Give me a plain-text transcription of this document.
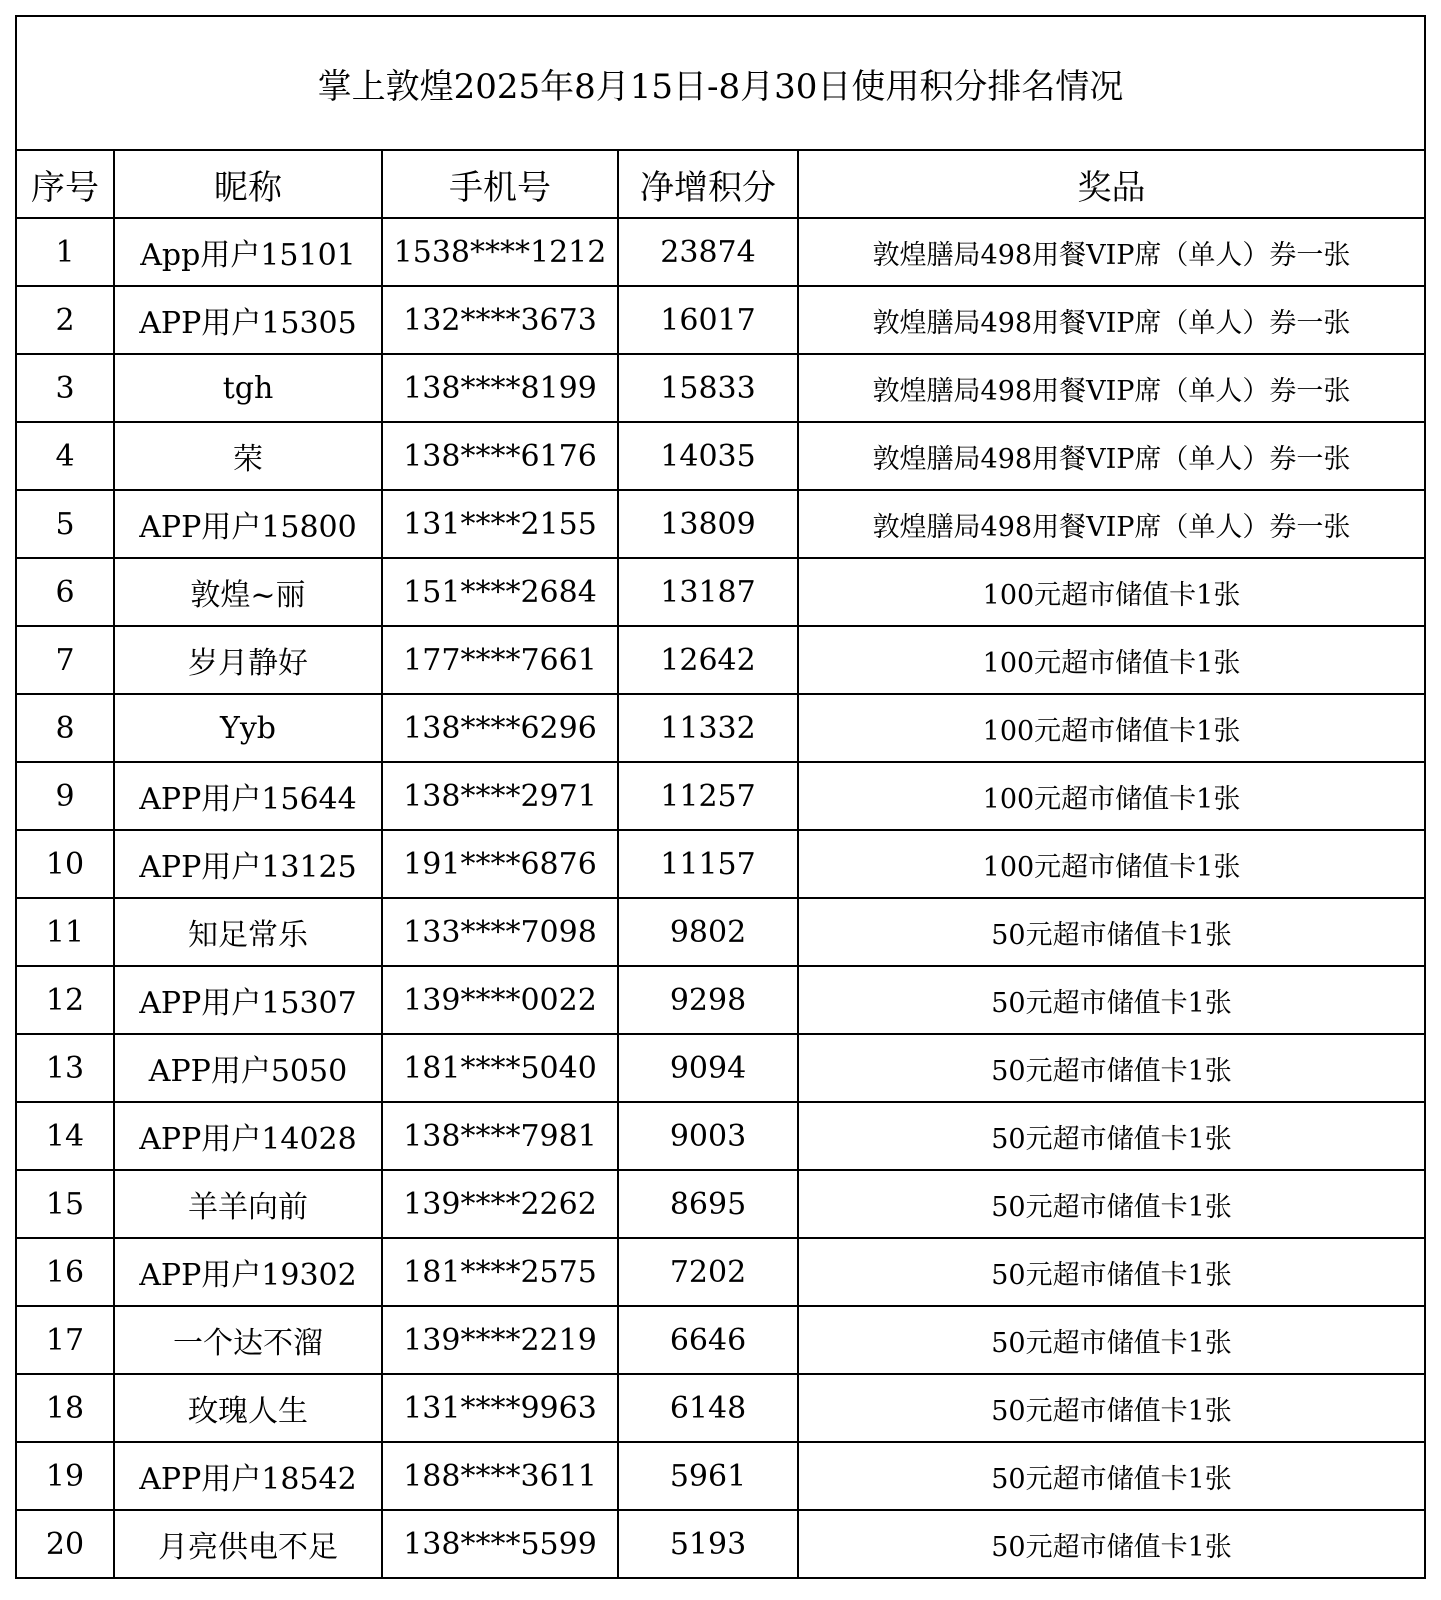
掌上敦煌2025年8月15日-8月30日使用积分排名情况				
序号	昵称	手机号	净增积分	奖品
1	App用户15101	1538****1212	23874	敦煌膳局498用餐VIP席（单人）券一张
2	APP用户15305	132****3673	16017	敦煌膳局498用餐VIP席（单人）券一张
3	tgh	138****8199	15833	敦煌膳局498用餐VIP席（单人）券一张
4	荣	138****6176	14035	敦煌膳局498用餐VIP席（单人）券一张
5	APP用户15800	131****2155	13809	敦煌膳局498用餐VIP席（单人）券一张
6	敦煌~丽	151****2684	13187	100元超市储值卡1张
7	岁月静好	177****7661	12642	100元超市储值卡1张
8	Yyb	138****6296	11332	100元超市储值卡1张
9	APP用户15644	138****2971	11257	100元超市储值卡1张
10	APP用户13125	191****6876	11157	100元超市储值卡1张
11	知足常乐	133****7098	9802	50元超市储值卡1张
12	APP用户15307	139****0022	9298	50元超市储值卡1张
13	APP用户5050	181****5040	9094	50元超市储值卡1张
14	APP用户14028	138****7981	9003	50元超市储值卡1张
15	羊羊向前	139****2262	8695	50元超市储值卡1张
16	APP用户19302	181****2575	7202	50元超市储值卡1张
17	一个达不溜	139****2219	6646	50元超市储值卡1张
18	玫瑰人生	131****9963	6148	50元超市储值卡1张
19	APP用户18542	188****3611	5961	50元超市储值卡1张
20	月亮供电不足	138****5599	5193	50元超市储值卡1张
